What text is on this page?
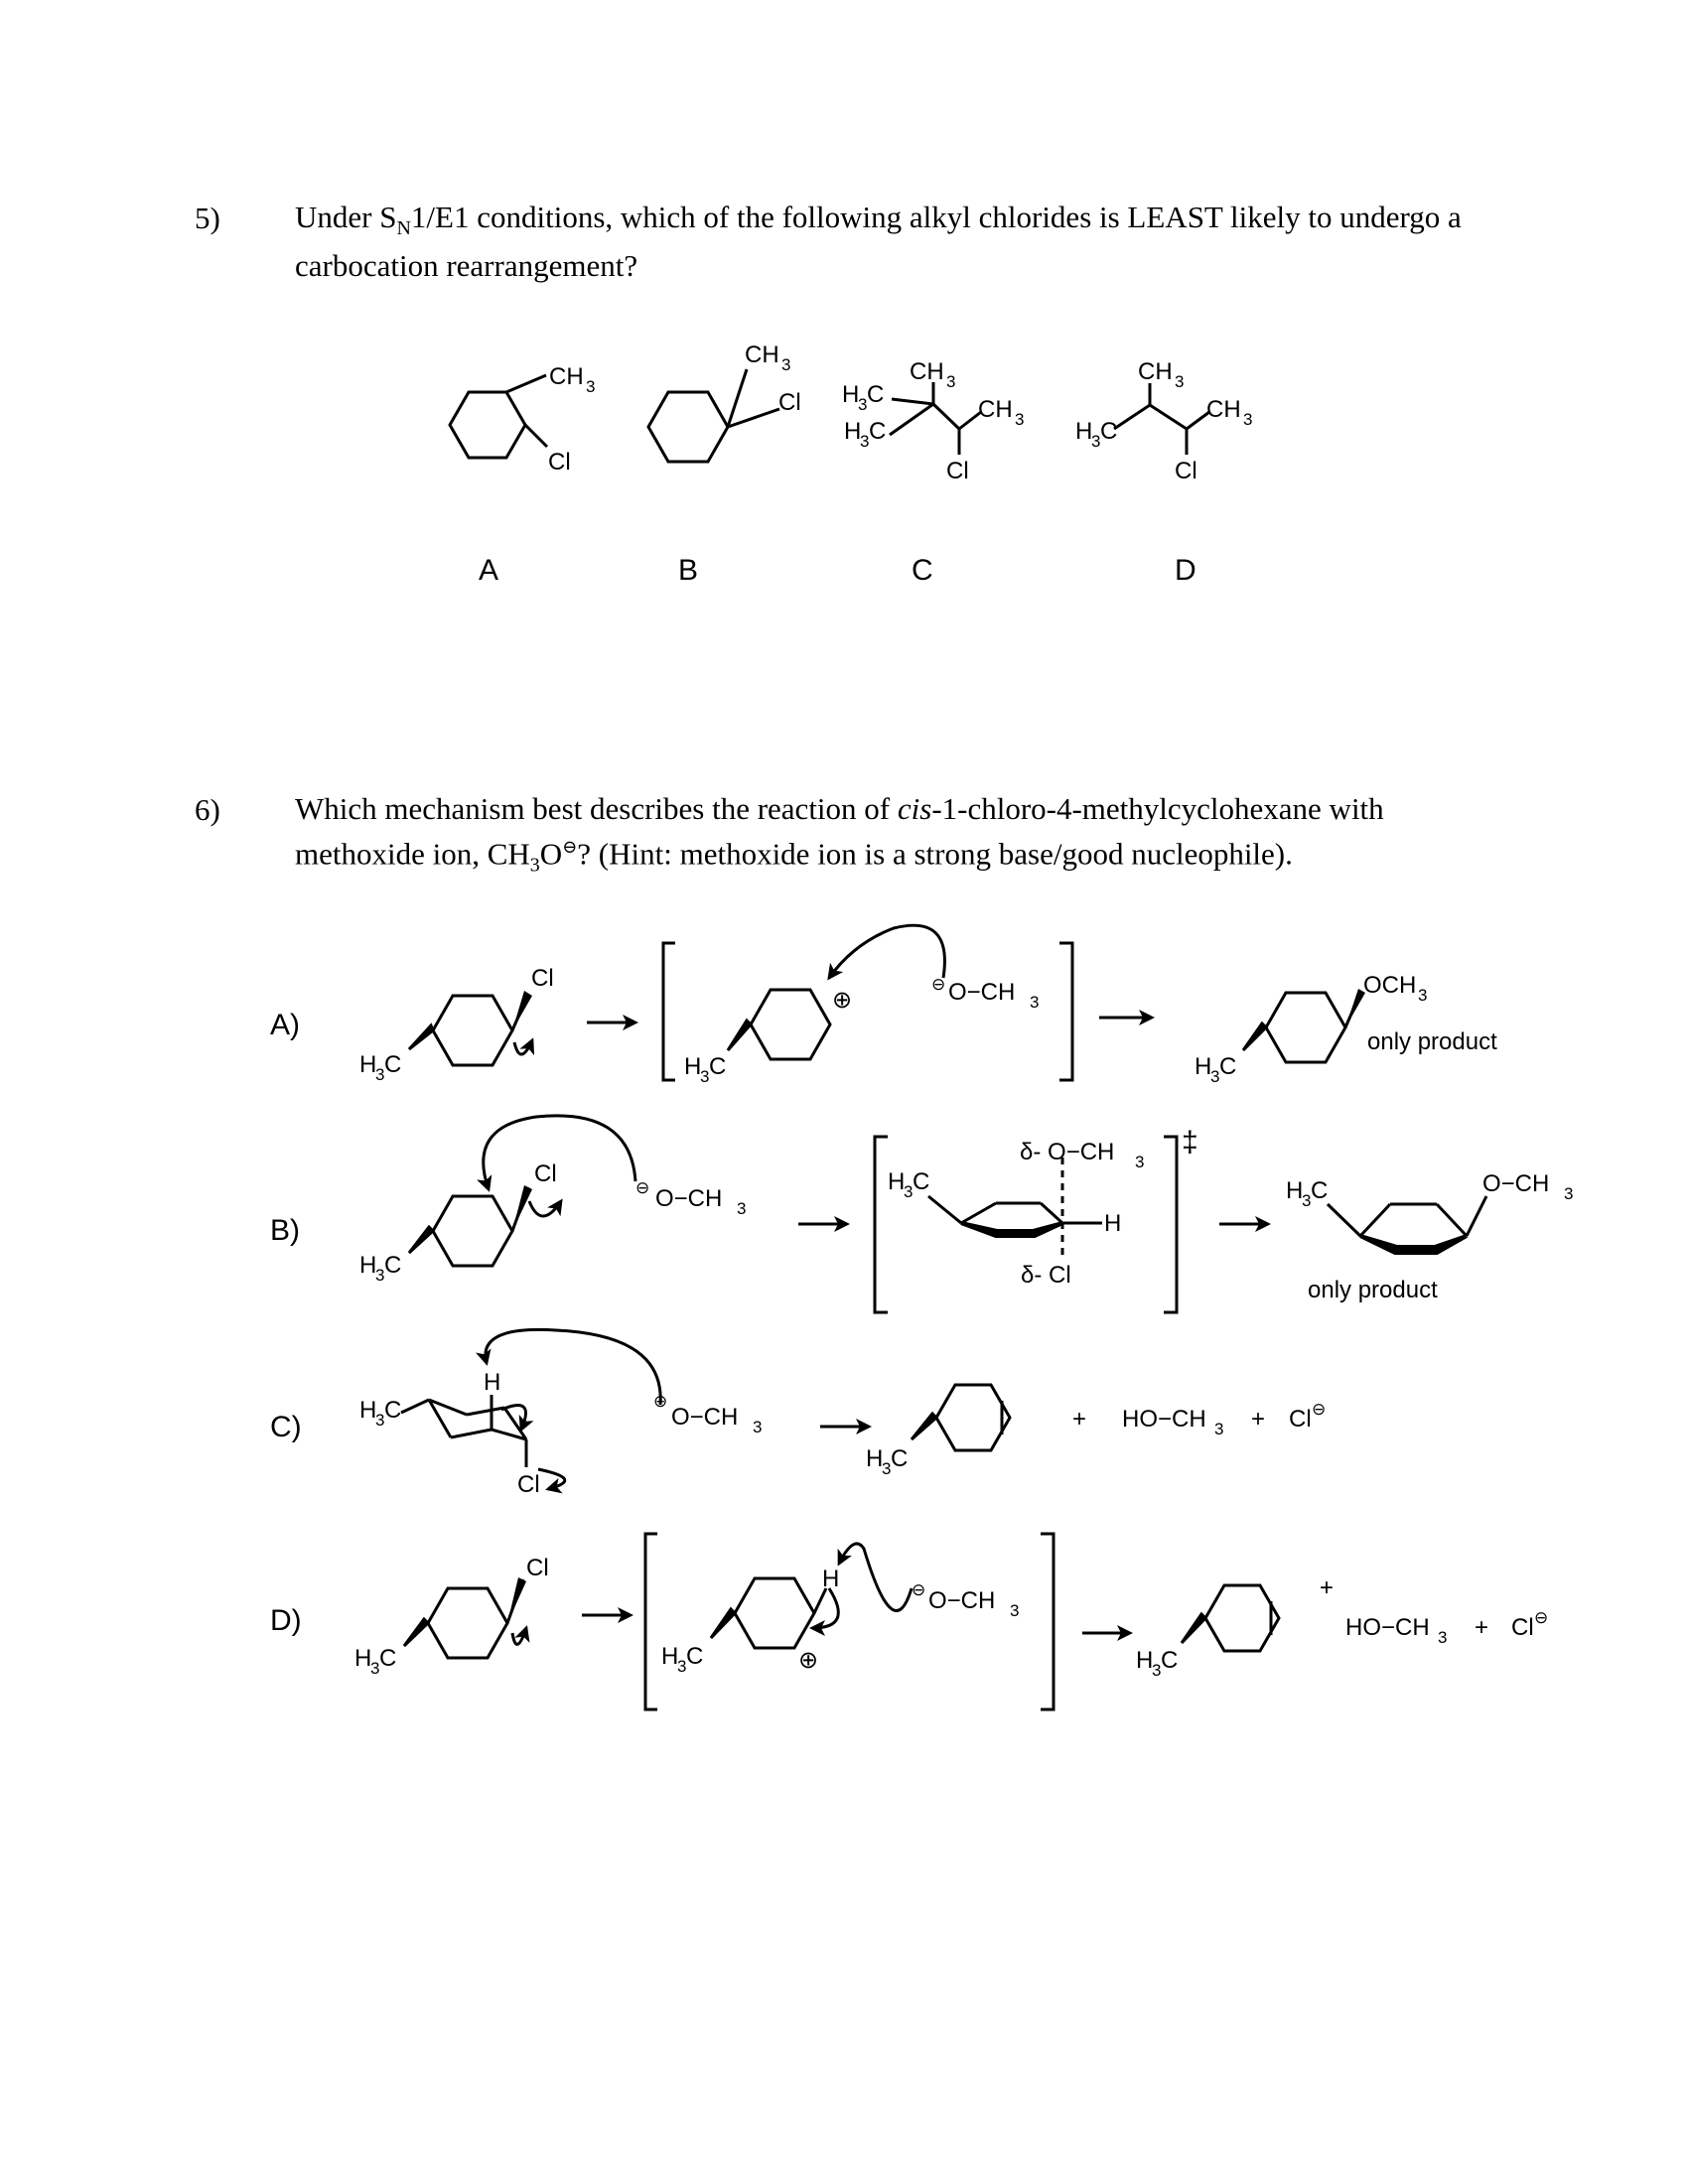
5) Under $S_N1/E1$ conditions, which of the following alkyl chlorides is LEAST likely to undergo a
carbocation rearrangement?
6) Which mechanism best describes the reaction of cis-1-chloro-4-methylcyclohexane with
methoxide ion, $CH_3O^⊖$? (Hint: methoxide ion is a strong base/good nucleophile).
A	B	C	D
A)
B)
C)
D)
CH 3
Cl
CH 3
Cl H
3 C
CH 3
H
3 C
CH 3
Cl
CH 3
H
3 C
CH 3
Cl
H
3 C
Cl
H
3 C
⊕
⊖ O−CH 3
H
3 C
OCH 3
only product
H
3 C
Cl
⊖ O−CH 3
H
3 C
H
δ- O−CH 3
δ- Cl
‡
H
3 C	O−CH 3
only product
H
3 C
H
Cl
⊖
O−CH 3
H
3 C
+ HO−CH 3 + Cl ⊖
H
3 C
Cl
H
3 C
H
⊕
⊖ O−CH 3
H
3 C
+
HO−CH 3 + Cl ⊖
